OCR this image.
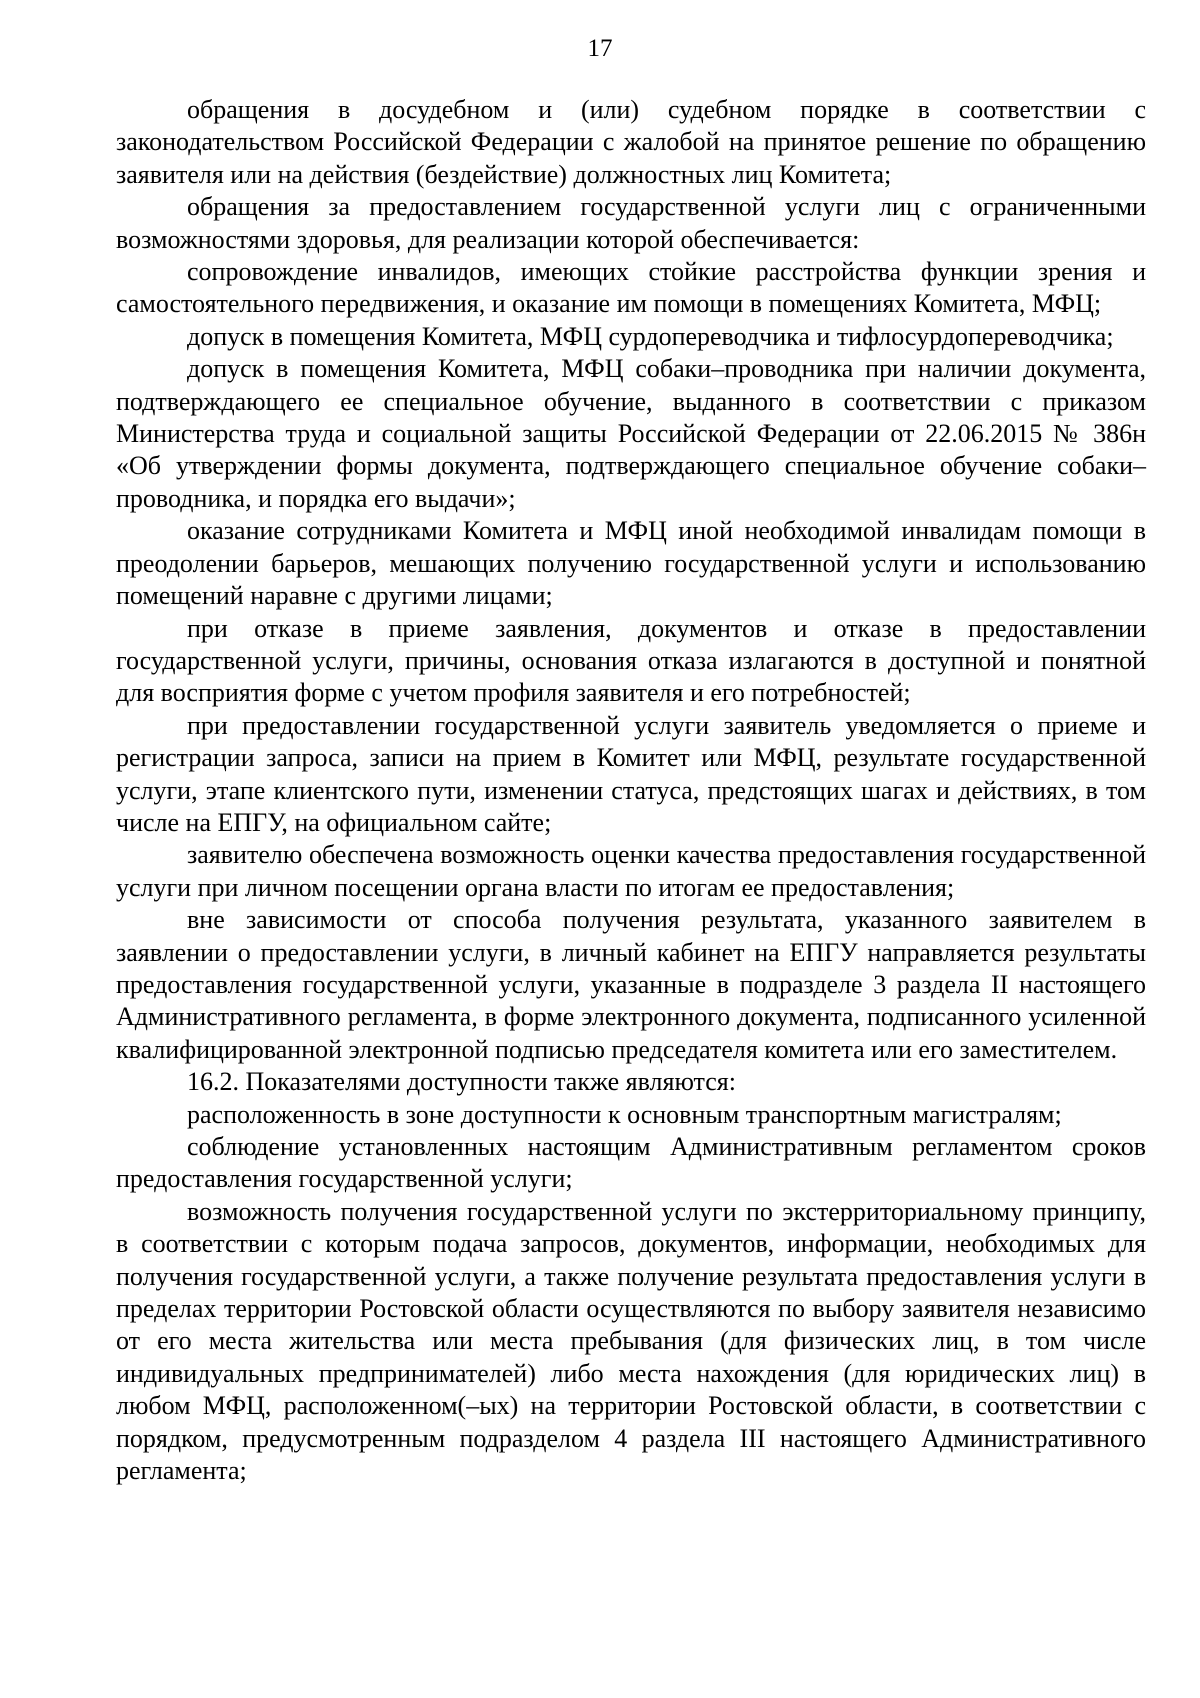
17

обращения в досудебном и (или) судебном порядке в соответствии с законодательством Российской Федерации с жалобой на принятое решение по обращению заявителя или на действия (бездействие) должностных лиц Комитета;

обращения за предоставлением государственной услуги лиц с ограниченными возможностями здоровья, для реализации которой обеспечивается:

сопровождение инвалидов, имеющих стойкие расстройства функции зрения и самостоятельного передвижения, и оказание им помощи в помещениях Комитета, МФЦ;

допуск в помещения Комитета, МФЦ сурдопереводчика и тифлосурдопереводчика;

допуск в помещения Комитета, МФЦ собаки–проводника при наличии документа, подтверждающего ее специальное обучение, выданного в соответствии с приказом Министерства труда и социальной защиты Российской Федерации от 22.06.2015 № 386н «Об утверждении формы документа, подтверждающего специальное обучение собаки–проводника, и порядка его выдачи»;

оказание сотрудниками Комитета и МФЦ иной необходимой инвалидам помощи в преодолении барьеров, мешающих получению государственной услуги и использованию помещений наравне с другими лицами;

при отказе в приеме заявления, документов и отказе в предоставлении государственной услуги, причины, основания отказа излагаются в доступной и понятной для восприятия форме с учетом профиля заявителя и его потребностей;

при предоставлении государственной услуги заявитель уведомляется о приеме и регистрации запроса, записи на прием в Комитет или МФЦ, результате государственной услуги, этапе клиентского пути, изменении статуса, предстоящих шагах и действиях, в том числе на ЕПГУ, на официальном сайте;

заявителю обеспечена возможность оценки качества предоставления государственной услуги при личном посещении органа власти по итогам ее предоставления;

вне зависимости от способа получения результата, указанного заявителем в заявлении о предоставлении услуги, в личный кабинет на ЕПГУ направляется результаты предоставления государственной услуги, указанные в подразделе 3 раздела II настоящего Административного регламента, в форме электронного документа, подписанного усиленной квалифицированной электронной подписью председателя комитета или его заместителем.

16.2. Показателями доступности также являются:

расположенность в зоне доступности к основным транспортным магистралям;

соблюдение установленных настоящим Административным регламентом сроков предоставления государственной услуги;

возможность получения государственной услуги по экстерриториальному принципу, в соответствии с которым подача запросов, документов, информации, необходимых для получения государственной услуги, а также получение результата предоставления услуги в пределах территории Ростовской области осуществляются по выбору заявителя независимо от его места жительства или места пребывания (для физических лиц, в том числе индивидуальных предпринимателей) либо места нахождения (для юридических лиц) в любом МФЦ, расположенном(–ых) на территории Ростовской области, в соответствии с порядком, предусмотренным подразделом 4 раздела III настоящего Административного регламента;
